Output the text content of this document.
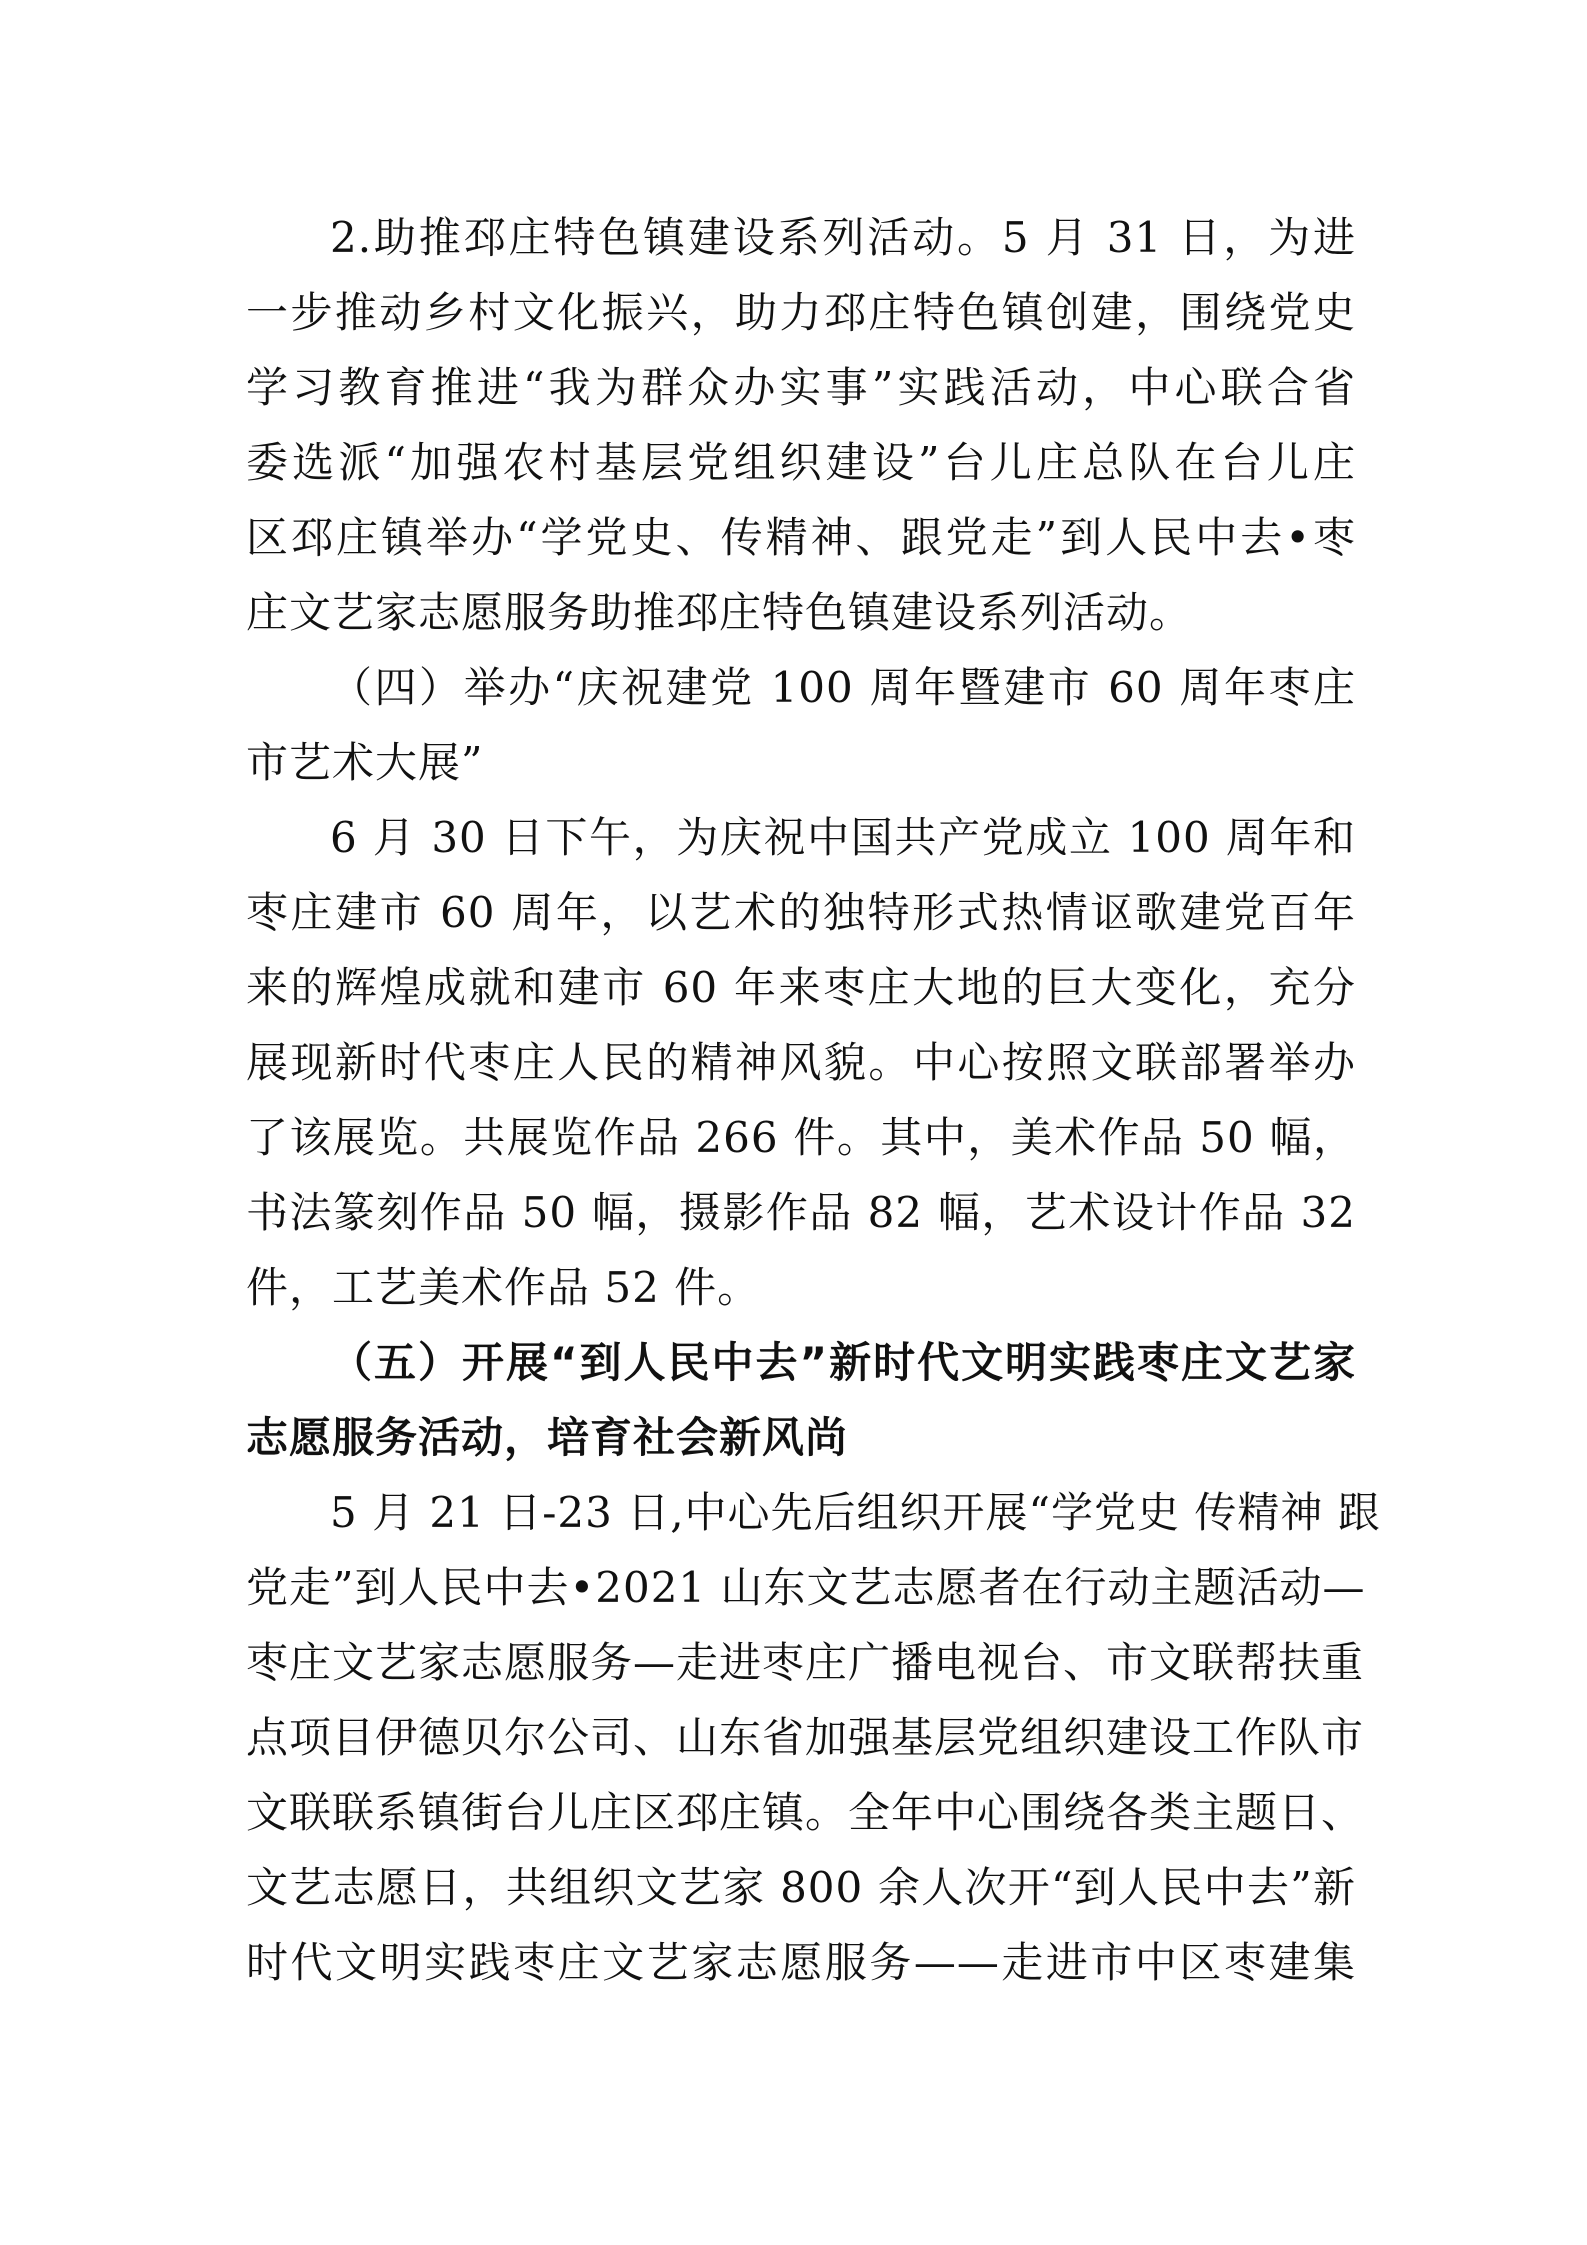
2.助推邳庄特色镇建设系列活动。5 月 31 日，为进
一步推动乡村文化振兴，助力邳庄特色镇创建，围绕党史
学习教育推进“我为群众办实事”实践活动，中心联合省
委选派“加强农村基层党组织建设”台儿庄总队在台儿庄
区邳庄镇举办“学党史、传精神、跟党走”到人民中去•枣
庄文艺家志愿服务助推邳庄特色镇建设系列活动。
（四）举办“庆祝建党 100 周年暨建市 60 周年枣庄
市艺术大展”
6 月 30 日下午，为庆祝中国共产党成立 100 周年和
枣庄建市 60 周年，以艺术的独特形式热情讴歌建党百年
来的辉煌成就和建市 60 年来枣庄大地的巨大变化，充分
展现新时代枣庄人民的精神风貌。中心按照文联部署举办
了该展览。共展览作品 266 件。其中，美术作品 50 幅，
书法篆刻作品 50 幅，摄影作品 82 幅，艺术设计作品 32
件，工艺美术作品 52 件。
（五）开展“到人民中去”新时代文明实践枣庄文艺家
志愿服务活动，培育社会新风尚
5 月 21 日-23 日,中心先后组织开展“学党史 传精神 跟
党走”到人民中去•2021 山东文艺志愿者在行动主题活动—
枣庄文艺家志愿服务—走进枣庄广播电视台、市文联帮扶重
点项目伊德贝尔公司、山东省加强基层党组织建设工作队市
文联联系镇街台儿庄区邳庄镇。全年中心围绕各类主题日、
文艺志愿日，共组织文艺家 800 余人次开“到人民中去”新
时代文明实践枣庄文艺家志愿服务——走进市中区枣建集
